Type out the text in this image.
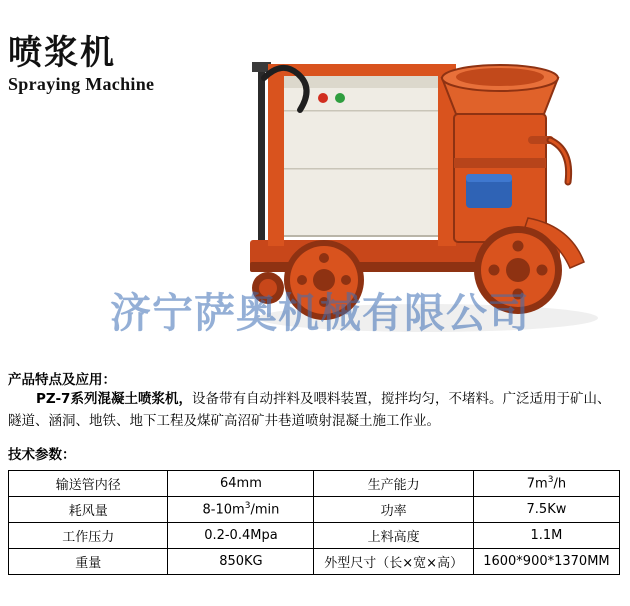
喷浆机
Spraying Machine
济宁萨奥机械有限公司
产品特点及应用：
PZ-7系列混凝土喷浆机，设备带有自动拌料及喂料装置，搅拌均匀，不堵料。广泛适用于矿山、隧道、涵洞、地铁、地下工程及煤矿高沼矿井巷道喷射混凝土施工作业。
技术参数：
输送管内径	64mm	生产能力	$7m^3/h$
耗风量	$8-10m^3/\min$	功率	7.5Kw
工作压力	0.2-0.4Mpa	上料高度	1.1M
重量	850KG	外型尺寸（长×宽×高）	1600*900*1370MM
